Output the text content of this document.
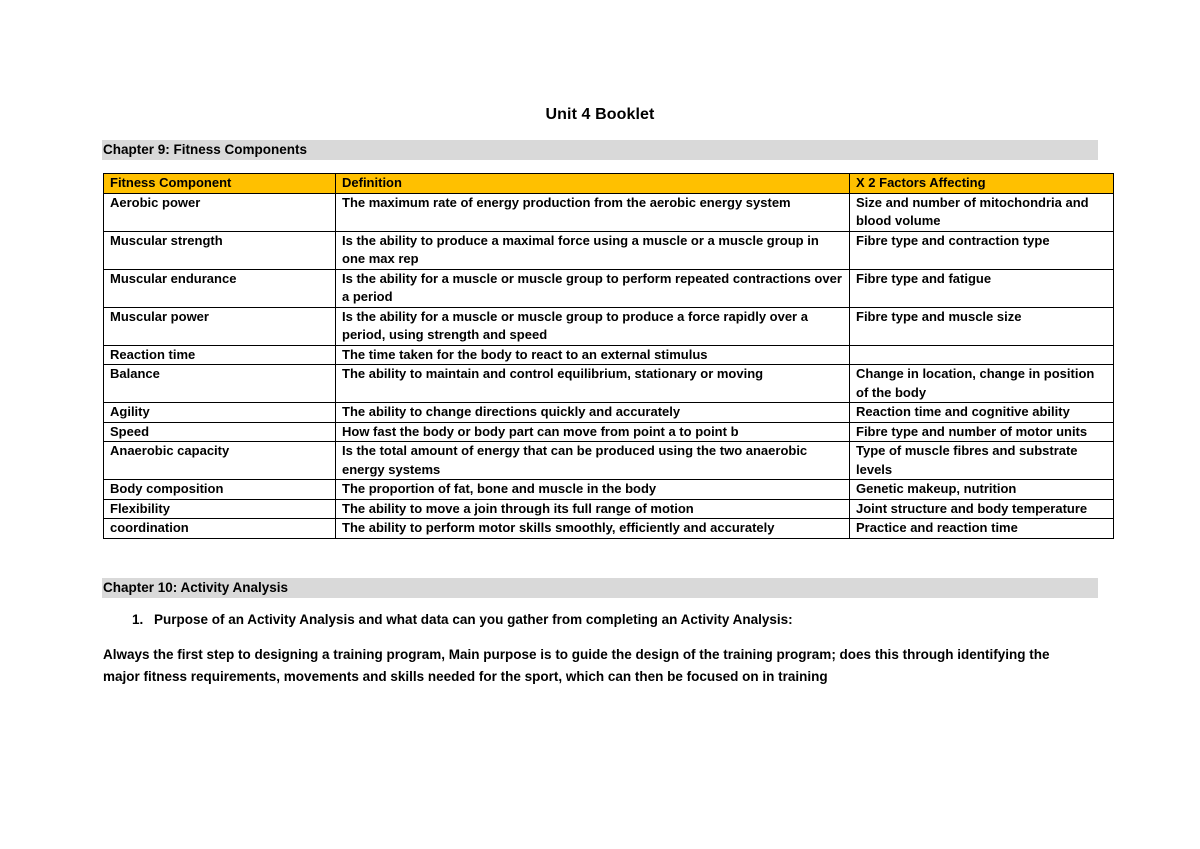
Unit 4 Booklet
Chapter 9: Fitness Components
Fitness Component	Definition	X 2 Factors Affecting
Aerobic power	The maximum rate of energy production from the aerobic energy system	Size and number of mitochondria and blood volume
Muscular strength	Is the ability to produce a maximal force using a muscle or a muscle group in one max rep	Fibre type and contraction type
Muscular endurance	Is the ability for a muscle or muscle group to perform repeated contractions over a period	Fibre type and fatigue
Muscular power	Is the ability for a muscle or muscle group to produce a force rapidly over a period, using strength and speed	Fibre type and muscle size
Reaction time	The time taken for the body to react to an external stimulus	
Balance	The ability to maintain and control equilibrium, stationary or moving	Change in location, change in position of the body
Agility	The ability to change directions quickly and accurately	Reaction time and cognitive ability
Speed	How fast the body or body part can move from point a to point b	Fibre type and number of motor units
Anaerobic capacity	Is the total amount of energy that can be produced using the two anaerobic energy systems	Type of muscle fibres and substrate levels
Body composition	The proportion of fat, bone and muscle in the body	Genetic makeup, nutrition
Flexibility	The ability to move a join through its full range of motion	Joint structure and body temperature
coordination	The ability to perform motor skills smoothly, efficiently and accurately	Practice and reaction time
Chapter 10: Activity Analysis
1. Purpose of an Activity Analysis and what data can you gather from completing an Activity Analysis:
Always the first step to designing a training program, Main purpose is to guide the design of the training program; does this through identifying the major fitness requirements, movements and skills needed for the sport, which can then be focused on in training
